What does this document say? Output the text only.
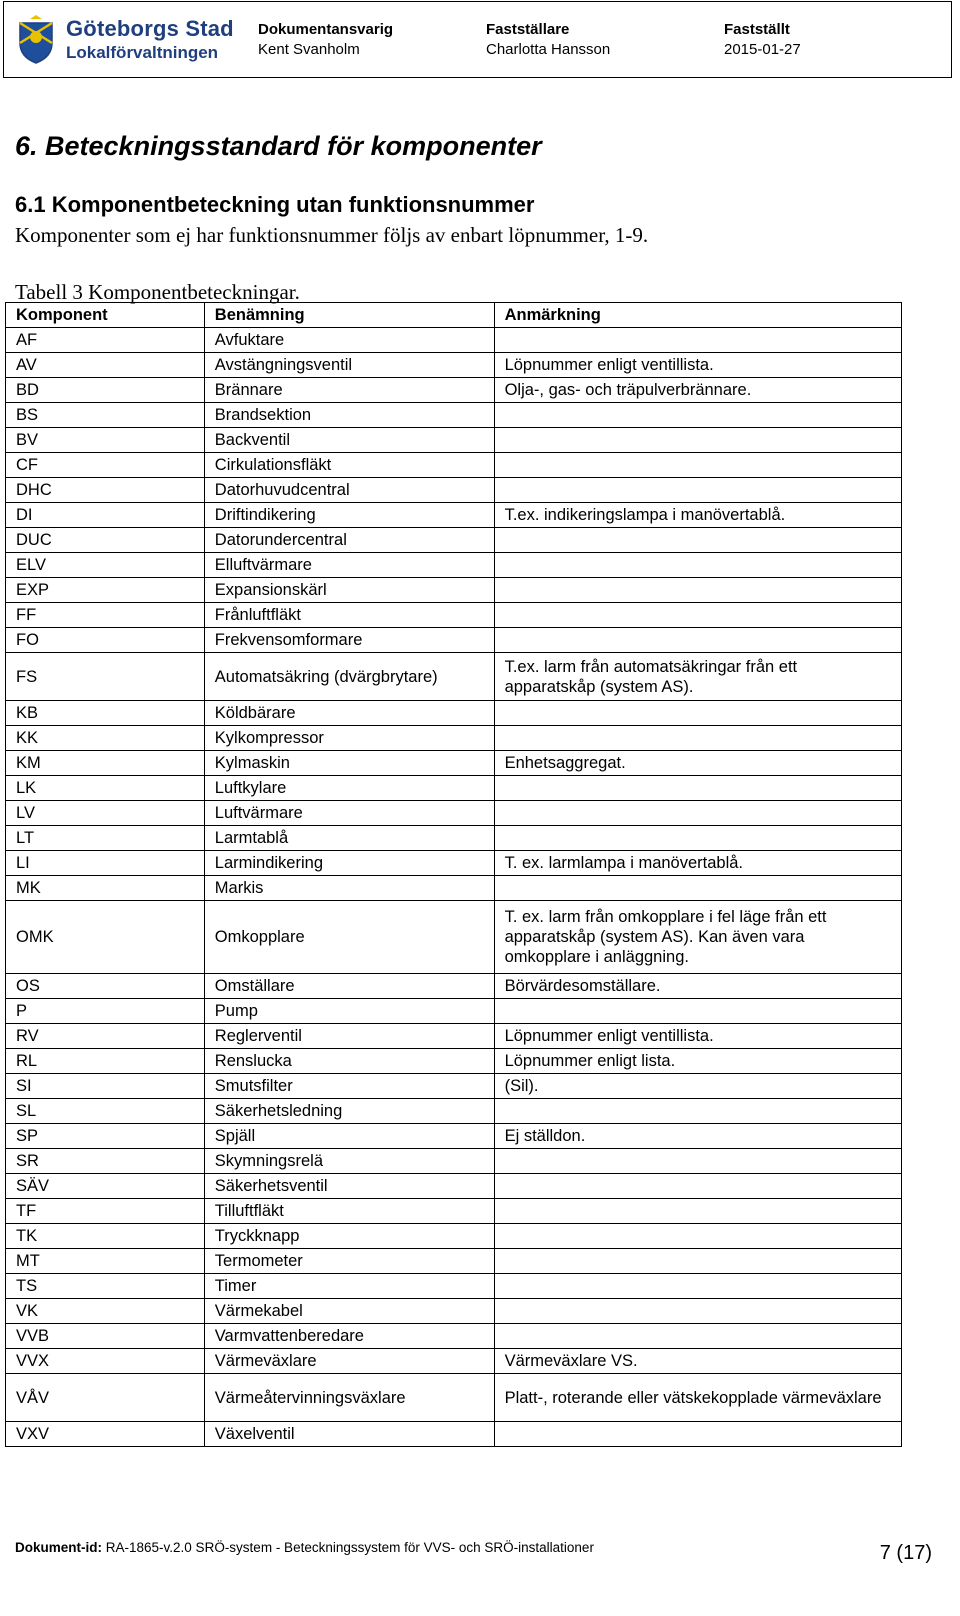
Göteborgs Stad
Lokalförvaltningen
Dokumentansvarig
Kent Svanholm
Fastställare
Charlotta Hansson
Fastställt
2015-01-27
6. Beteckningsstandard för komponenter
6.1 Komponentbeteckning utan funktionsnummer
Komponenter som ej har funktionsnummer följs av enbart löpnummer, 1-9.
Tabell 3 Komponentbeteckningar.
Komponent	Benämning	Anmärkning
AF	Avfuktare	
AV	Avstängningsventil	Löpnummer enligt ventillista.
BD	Brännare	Olja-, gas- och träpulverbrännare.
BS	Brandsektion	
BV	Backventil	
CF	Cirkulationsfläkt	
DHC	Datorhuvudcentral	
DI	Driftindikering	T.ex. indikeringslampa i manövertablå.
DUC	Datorundercentral	
ELV	Elluftvärmare	
EXP	Expansionskärl	
FF	Frånluftfläkt	
FO	Frekvensomformare	
FS	Automatsäkring (dvärgbrytare)	T.ex. larm från automatsäkringar från ett apparatskåp (system AS).
KB	Köldbärare	
KK	Kylkompressor	
KM	Kylmaskin	Enhetsaggregat.
LK	Luftkylare	
LV	Luftvärmare	
LT	Larmtablå	
LI	Larmindikering	T. ex. larmlampa i manövertablå.
MK	Markis	
OMK	Omkopplare	T. ex. larm från omkopplare i fel läge från ett apparatskåp (system AS). Kan även vara omkopplare i anläggning.
OS	Omställare	Börvärdesomställare.
P	Pump	
RV	Reglerventil	Löpnummer enligt ventillista.
RL	Renslucka	Löpnummer enligt lista.
SI	Smutsfilter	(Sil).
SL	Säkerhetsledning	
SP	Spjäll	Ej ställdon.
SR	Skymningsrelä	
SÄV	Säkerhetsventil	
TF	Tilluftfläkt	
TK	Tryckknapp	
MT	Termometer	
TS	Timer	
VK	Värmekabel	
VVB	Varmvattenberedare	
VVX	Värmeväxlare	Värmeväxlare VS.
VÅV	Värmeåtervinningsväxlare	Platt-, roterande eller vätskekopplade värmeväxlare
VXV	Växelventil	
Dokument-id: RA-1865-v.2.0 SRÖ-system - Beteckningssystem för VVS- och SRÖ-installationer	7 (17)
